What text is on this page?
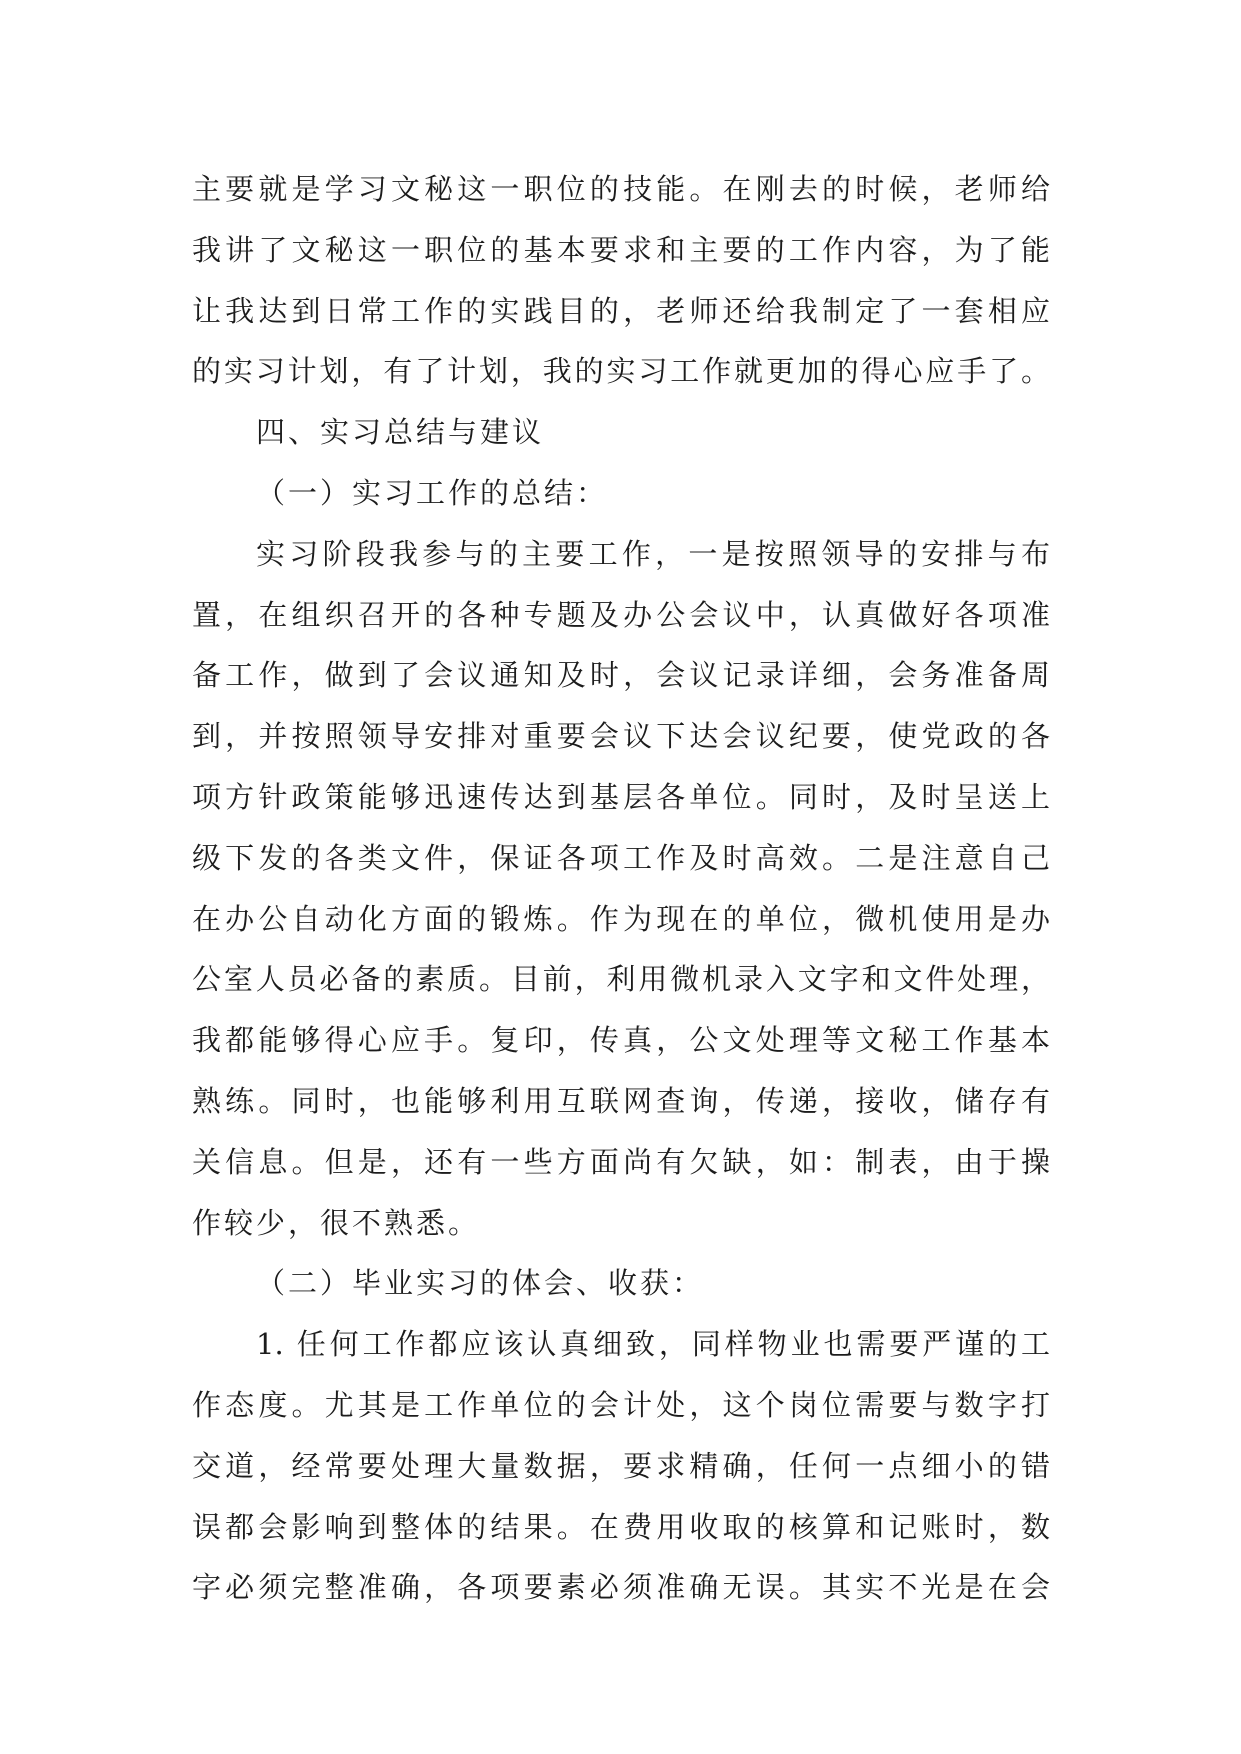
主要就是学习文秘这一职位的技能。在刚去的时候，老师给
我讲了文秘这一职位的基本要求和主要的工作内容，为了能
让我达到日常工作的实践目的，老师还给我制定了一套相应
的实习计划，有了计划，我的实习工作就更加的得心应手了。
四、实习总结与建议
（一）实习工作的总结：
实习阶段我参与的主要工作，一是按照领导的安排与布
置，在组织召开的各种专题及办公会议中，认真做好各项准
备工作，做到了会议通知及时，会议记录详细，会务准备周
到，并按照领导安排对重要会议下达会议纪要，使党政的各
项方针政策能够迅速传达到基层各单位。同时，及时呈送上
级下发的各类文件，保证各项工作及时高效。二是注意自己
在办公自动化方面的锻炼。作为现在的单位，微机使用是办
公室人员必备的素质。目前，利用微机录入文字和文件处理，
我都能够得心应手。复印，传真，公文处理等文秘工作基本
熟练。同时，也能够利用互联网查询，传递，接收，储存有
关信息。但是，还有一些方面尚有欠缺，如：制表，由于操
作较少，很不熟悉。
（二）毕业实习的体会、收获：
1. 任何工作都应该认真细致，同样物业也需要严谨的工
作态度。尤其是工作单位的会计处，这个岗位需要与数字打
交道，经常要处理大量数据，要求精确，任何一点细小的错
误都会影响到整体的结果。在费用收取的核算和记账时，数
字必须完整准确，各项要素必须准确无误。其实不光是在会
